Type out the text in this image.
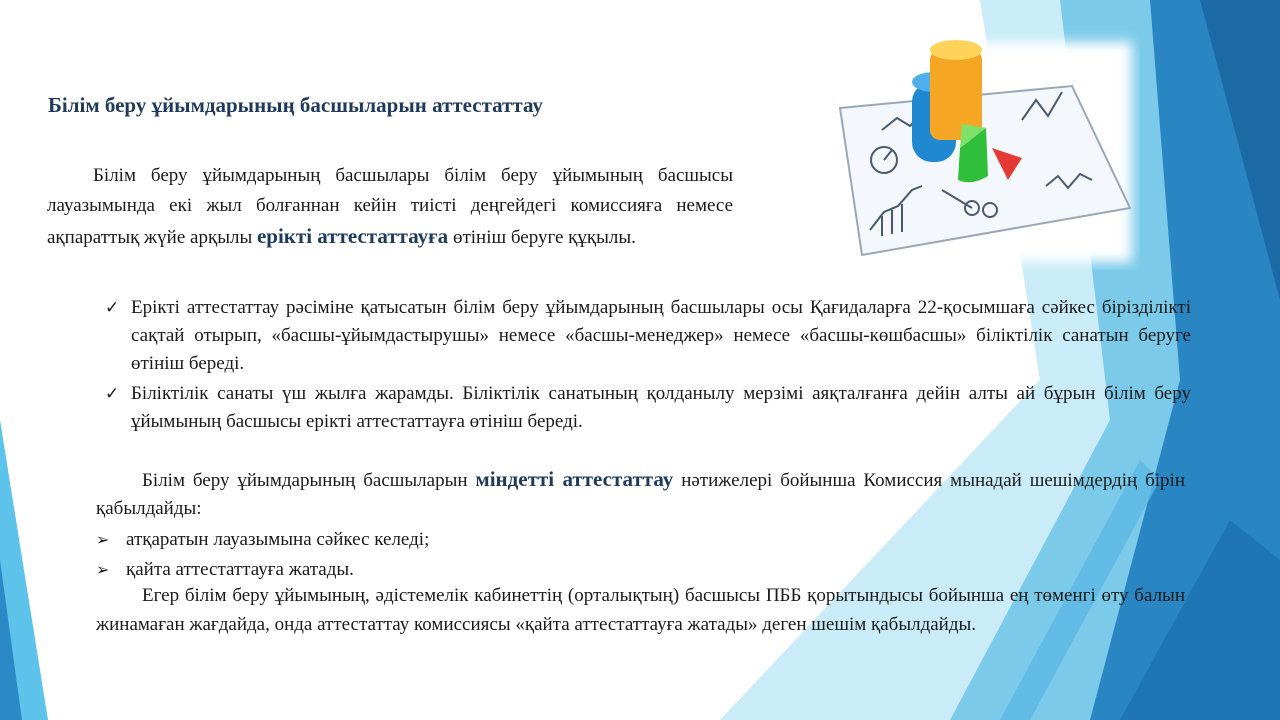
Білім беру ұйымдарының басшыларын аттестаттау
Білім беру ұйымдарының басшылары білім беру ұйымының басшысы лауазымында екі жыл болғаннан кейін тиісті деңгейдегі комиссияға немесе ақпараттық жүйе арқылы ерікті аттестаттауға өтініш беруге құқылы.
✓ Ерікті аттестаттау рәсіміне қатысатын білім беру ұйымдарының басшылары осы Қағидаларға 22-қосымшаға сәйкес бірізділікті сақтай отырып, «басшы-ұйымдастырушы» немесе «басшы-менеджер» немесе «басшы-көшбасшы» біліктілік санатын беруге өтініш береді.
✓ Біліктілік санаты үш жылға жарамды. Біліктілік санатының қолданылу мерзімі аяқталғанға дейін алты ай бұрын білім беру ұйымының басшысы ерікті аттестаттауға өтініш береді.
Білім беру ұйымдарының басшыларын міндетті аттестаттау нәтижелері бойынша Комиссия мынадай шешімдердің бірін қабылдайды:
➢ атқаратын лауазымына сәйкес келеді;
➢ қайта аттестаттауға жатады.
Егер білім беру ұйымының, әдістемелік кабинеттің (орталықтың) басшысы ПББ қорытындысы бойынша ең төменгі өту балын жинамаған жағдайда, онда аттестаттау комиссиясы «қайта аттестаттауға жатады» деген шешім қабылдайды.
